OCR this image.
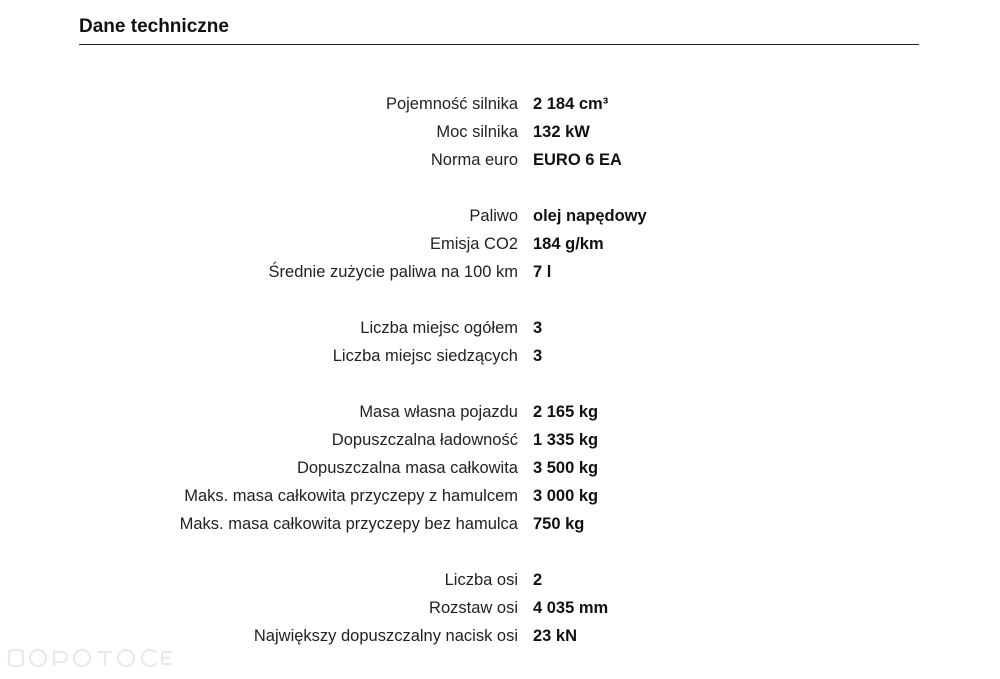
Dane techniczne
Pojemność silnika 2 184 cm³
Moc silnika 132 kW
Norma euro EURO 6 EA
Paliwo olej napędowy
Emisja CO2 184 g/km
Średnie zużycie paliwa na 100 km 7 l
Liczba miejsc ogółem 3
Liczba miejsc siedzących 3
Masa własna pojazdu 2 165 kg
Dopuszczalna ładowność 1 335 kg
Dopuszczalna masa całkowita 3 500 kg
Maks. masa całkowita przyczepy z hamulcem 3 000 kg
Maks. masa całkowita przyczepy bez hamulca 750 kg
Liczba osi 2
Rozstaw osi 4 035 mm
Największy dopuszczalny nacisk osi 23 kN
